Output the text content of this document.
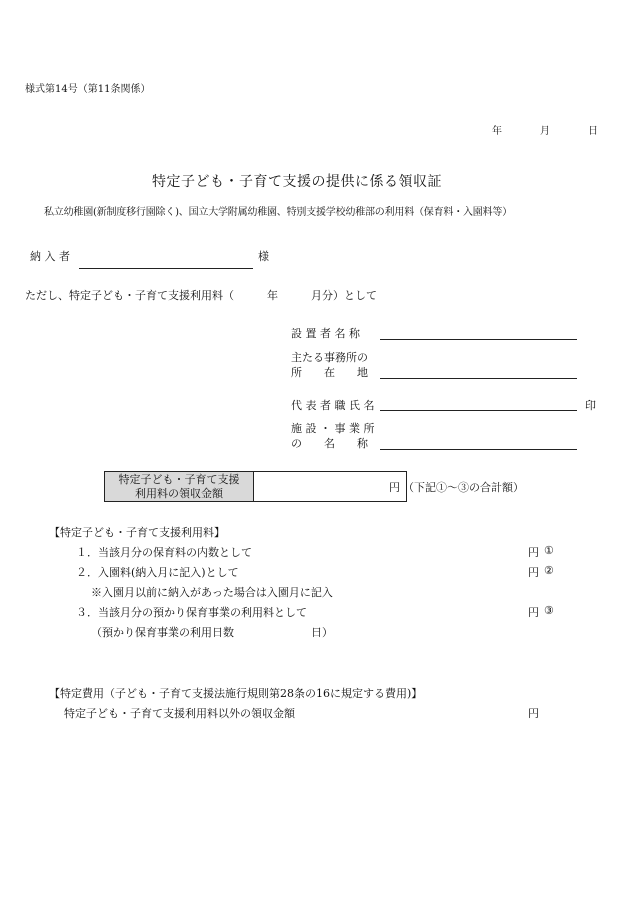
様式第14号（第11条関係）
年	月	日
特定子ども・子育て支援の提供に係る領収証
私立幼稚園(新制度移行園除く)、国立大学附属幼稚園、特別支援学校幼稚部の利用料（保育料・入園料等）
納 入 者	様
ただし、特定子ども・子育て支援利用料（　　　年　　　月分）として
設 置 者 名 称
主たる事務所の
所　　在　　地
代 表 者 職 氏 名	印
施 設 ・ 事 業 所
の　　名　　称
特定子ども・子育て支援
利用料の領収金額	円 （下記①～③の合計額）
【特定子ども・子育て支援利用料】
１．当該月分の保育料の内数として	円 ①
２．入園料(納入月に記入)として	円 ②
※入園月以前に納入があった場合は入園月に記入
３．当該月分の預かり保育事業の利用料として	円 ③
（預かり保育事業の利用日数　　　　　　　日）
【特定費用（子ども・子育て支援法施行規則第28条の16に規定する費用)】
特定子ども・子育て支援利用料以外の領収金額	円
